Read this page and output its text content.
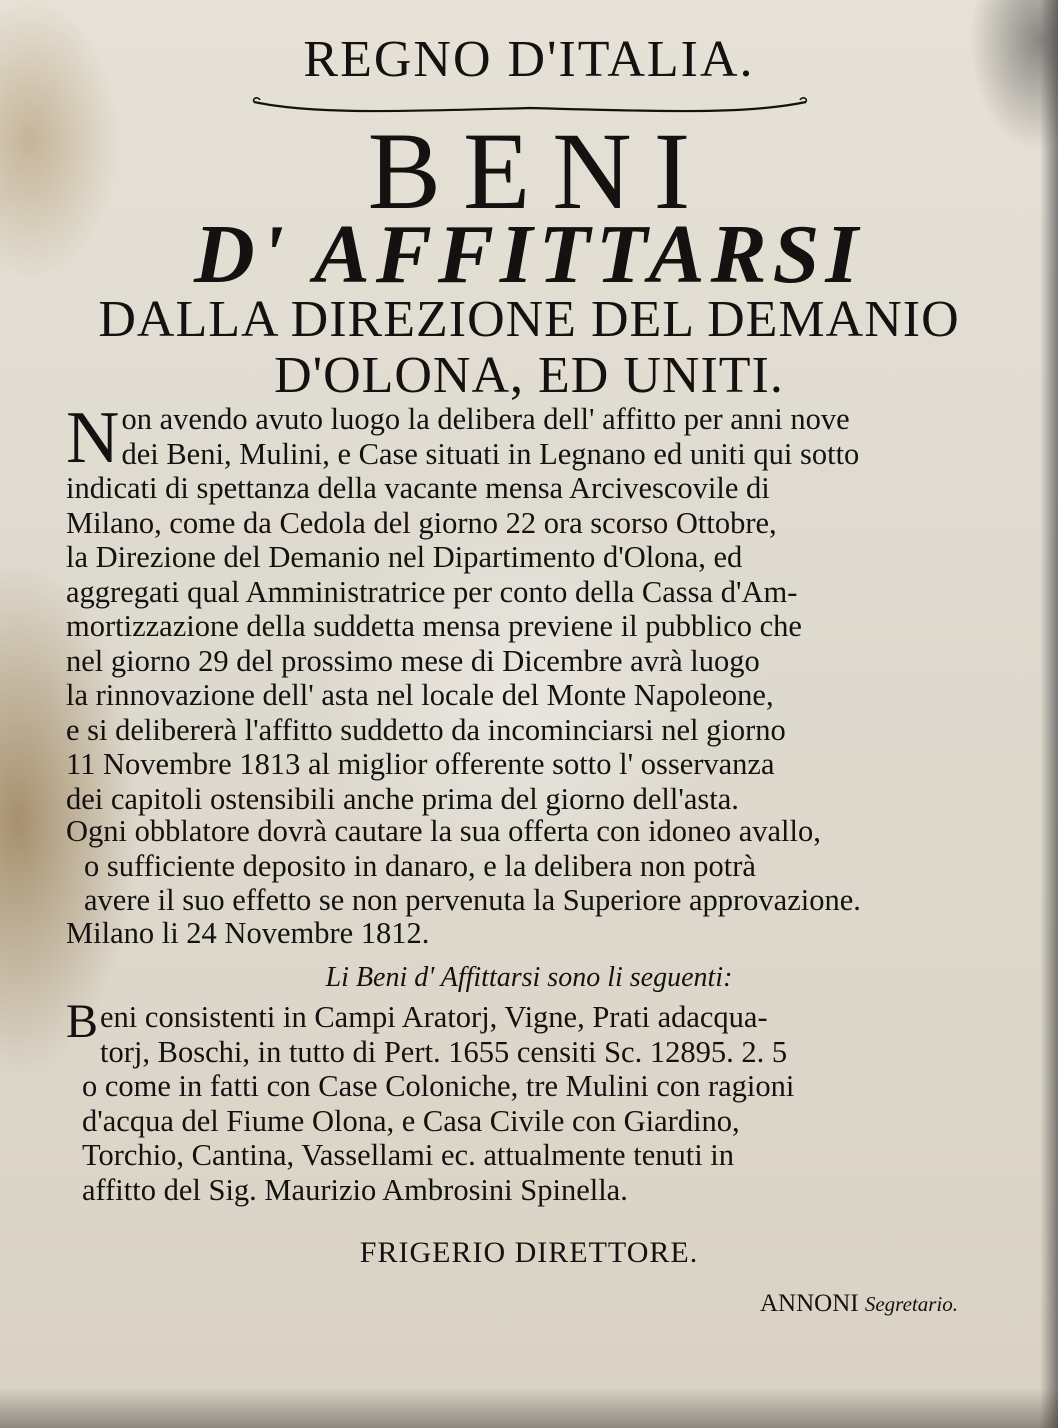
REGNO D'ITALIA.
BENI
D' AFFITTARSI
DALLA DIREZIONE DEL DEMANIO
D'OLONA, ED UNITI.
N on avendo avuto luogo la delibera dell' affitto per anni nove
dei Beni, Mulini, e Case situati in Legnano ed uniti qui sotto
indicati di spettanza della vacante mensa Arcivescovile di
Milano, come da Cedola del giorno 22 ora scorso Ottobre,
la Direzione del Demanio nel Dipartimento d'Olona, ed
aggregati qual Amministratrice per conto della Cassa d'Am-
mortizzazione della suddetta mensa previene il pubblico che
nel giorno 29 del prossimo mese di Dicembre avrà luogo
la rinnovazione dell' asta nel locale del Monte Napoleone,
e si delibererà l'affitto suddetto da incominciarsi nel giorno
11 Novembre 1813 al miglior offerente sotto l' osservanza
dei capitoli ostensibili anche prima del giorno dell'asta.
Ogni obblatore dovrà cautare la sua offerta con idoneo avallo,
o sufficiente deposito in danaro, e la delibera non potrà
avere il suo effetto se non pervenuta la Superiore approvazione.
Milano li 24 Novembre 1812.
Li Beni d' Affittarsi sono li seguenti:
B eni consistenti in Campi Aratorj, Vigne, Prati adacqua-
torj, Boschi, in tutto di Pert. 1655 censiti Sc. 12895. 2. 5
o come in fatti con Case Coloniche, tre Mulini con ragioni
d'acqua del Fiume Olona, e Casa Civile con Giardino,
Torchio, Cantina, Vassellami ec. attualmente tenuti in
affitto del Sig. Maurizio Ambrosini Spinella.
FRIGERIO DIRETTORE.
ANNONI Segretario.
